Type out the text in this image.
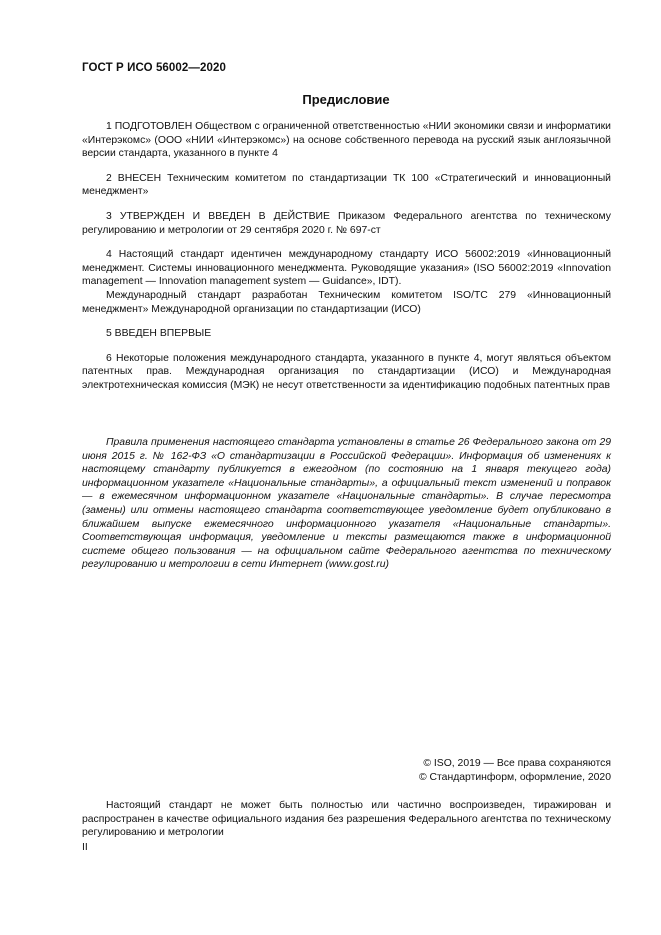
ГОСТ Р ИСО 56002—2020
Предисловие

1 ПОДГОТОВЛЕН Обществом с ограниченной ответственностью «НИИ экономики связи и информатики «Интерэкомс» (ООО «НИИ «Интерэкомс») на основе собственного перевода на русский язык англоязычной версии стандарта, указанного в пункте 4

2 ВНЕСЕН Техническим комитетом по стандартизации ТК 100 «Стратегический и инновационный менеджмент»

3 УТВЕРЖДЕН И ВВЕДЕН В ДЕЙСТВИЕ Приказом Федерального агентства по техническому регулированию и метрологии от 29 сентября 2020 г. № 697-ст

4 Настоящий стандарт идентичен международному стандарту ИСО 56002:2019 «Инновационный менеджмент. Системы инновационного менеджмента. Руководящие указания» (ISO 56002:2019 «Innovation management — Innovation management system — Guidance», IDT).

Международный стандарт разработан Техническим комитетом ISO/TC 279 «Инновационный менеджмент» Международной организации по стандартизации (ИСО)

5 ВВЕДЕН ВПЕРВЫЕ

6 Некоторые положения международного стандарта, указанного в пункте 4, могут являться объектом патентных прав. Международная организация по стандартизации (ИСО) и Международная электротехническая комиссия (МЭК) не несут ответственности за идентификацию подобных патентных прав

Правила применения настоящего стандарта установлены в статье 26 Федерального закона от 29 июня 2015 г. № 162-ФЗ «О стандартизации в Российской Федерации». Информация об изменениях к настоящему стандарту публикуется в ежегодном (по состоянию на 1 января текущего года) информационном указателе «Национальные стандарты», а официальный текст изменений и поправок — в ежемесячном информационном указателе «Национальные стандарты». В случае пересмотра (замены) или отмены настоящего стандарта соответствующее уведомление будет опубликовано в ближайшем выпуске ежемесячного информационного указателя «Национальные стандарты». Соответствующая информация, уведомление и тексты размещаются также в информационной системе общего пользования — на официальном сайте Федерального агентства по техническому регулированию и метрологии в сети Интернет (www.gost.ru)
© ISO, 2019 — Все права сохраняются
© Стандартинформ, оформление, 2020
Настоящий стандарт не может быть полностью или частично воспроизведен, тиражирован и распространен в качестве официального издания без разрешения Федерального агентства по техническому регулированию и метрологии
II
